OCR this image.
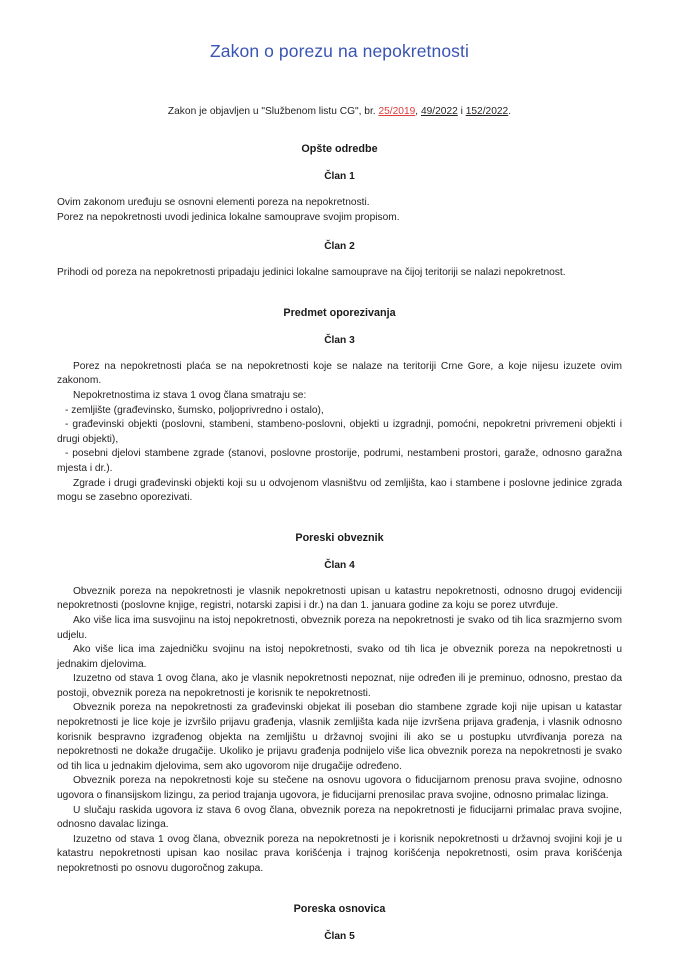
Zakon o porezu na nepokretnosti

Zakon je objavljen u "Službenom listu CG", br. 25/2019, 49/2022 i 152/2022.

Opšte odredbe
Član 1

Ovim zakonom uređuju se osnovni elementi poreza na nepokretnosti.

Porez na nepokretnosti uvodi jedinica lokalne samouprave svojim propisom.

Član 2

Prihodi od poreza na nepokretnosti pripadaju jedinici lokalne samouprave na čijoj teritoriji se nalazi nepokretnost.

Predmet oporezivanja
Član 3

Porez na nepokretnosti plaća se na nepokretnosti koje se nalaze na teritoriji Crne Gore, a koje nijesu izuzete ovim zakonom.

Nepokretnostima iz stava 1 ovog člana smatraju se:

- zemljište (građevinsko, šumsko, poljoprivredno i ostalo),

- građevinski objekti (poslovni, stambeni, stambeno-poslovni, objekti u izgradnji, pomoćni, nepokretni privremeni objekti i drugi objekti),

- posebni djelovi stambene zgrade (stanovi, poslovne prostorije, podrumi, nestambeni prostori, garaže, odnosno garažna mjesta i dr.).

Zgrade i drugi građevinski objekti koji su u odvojenom vlasništvu od zemljišta, kao i stambene i poslovne jedinice zgrada mogu se zasebno oporezivati.

Poreski obveznik
Član 4

Obveznik poreza na nepokretnosti je vlasnik nepokretnosti upisan u katastru nepokretnosti, odnosno drugoj evidenciji nepokretnosti (poslovne knjige, registri, notarski zapisi i dr.) na dan 1. januara godine za koju se porez utvrđuje.

Ako više lica ima susvojinu na istoj nepokretnosti, obveznik poreza na nepokretnosti je svako od tih lica srazmjerno svom udjelu.

Ako više lica ima zajedničku svojinu na istoj nepokretnosti, svako od tih lica je obveznik poreza na nepokretnosti u jednakim djelovima.

Izuzetno od stava 1 ovog člana, ako je vlasnik nepokretnosti nepoznat, nije određen ili je preminuo, odnosno, prestao da postoji, obveznik poreza na nepokretnosti je korisnik te nepokretnosti.

Obveznik poreza na nepokretnosti za građevinski objekat ili poseban dio stambene zgrade koji nije upisan u katastar nepokretnosti je lice koje je izvršilo prijavu građenja, vlasnik zemljišta kada nije izvršena prijava građenja, i vlasnik odnosno korisnik bespravno izgrađenog objekta na zemljištu u državnoj svojini ili ako se u postupku utvrđivanja poreza na nepokretnosti ne dokaže drugačije. Ukoliko je prijavu građenja podnijelo više lica obveznik poreza na nepokretnosti je svako od tih lica u jednakim djelovima, sem ako ugovorom nije drugačije određeno.

Obveznik poreza na nepokretnosti koje su stečene na osnovu ugovora o fiducijarnom prenosu prava svojine, odnosno ugovora o finansijskom lizingu, za period trajanja ugovora, je fiducijarni prenosilac prava svojine, odnosno primalac lizinga.

U slučaju raskida ugovora iz stava 6 ovog člana, obveznik poreza na nepokretnosti je fiducijarni primalac prava svojine, odnosno davalac lizinga.

Izuzetno od stava 1 ovog člana, obveznik poreza na nepokretnosti je i korisnik nepokretnosti u državnoj svojini koji je u katastru nepokretnosti upisan kao nosilac prava korišćenja i trajnog korišćenja nepokretnosti, osim prava korišćenja nepokretnosti po osnovu dugoročnog zakupa.

Poreska osnovica
Član 5
